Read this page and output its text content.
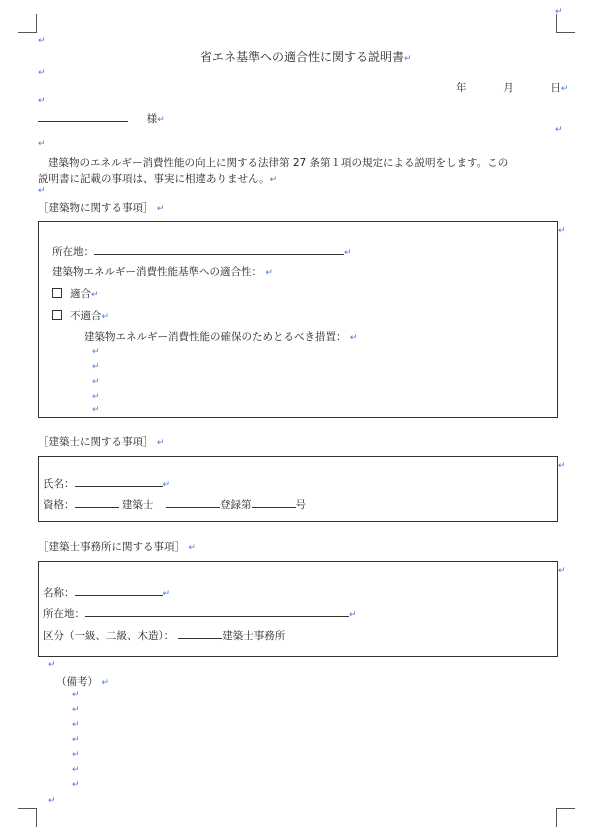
↵
↵
↵
↵
↵
↵
省エネ基準への適合性に関する説明書↵
年	月	日↵
様↵
建築物のエネルギー消費性能の向上に関する法律第 27 条第１項の規定による説明をします。この
説明書に記載の事項は、事実に相違ありません。↵
↵
［建築物に関する事項］ ↵
↵
所在地：	↵
建築物エネルギー消費性能基準への適合性： ↵
適合↵
不適合↵
建築物エネルギー消費性能の確保のためとるべき措置： ↵
↵
↵
↵
↵
↵
［建築士に関する事項］ ↵
↵
氏名：	↵
資格：	建築士	登録第	号
［建築士事務所に関する事項］ ↵
↵
名称：	↵
所在地：	↵
区分（一級、二級、木造）：	建築士事務所
↵
（備考） ↵
↵
↵
↵
↵
↵
↵
↵
↵
